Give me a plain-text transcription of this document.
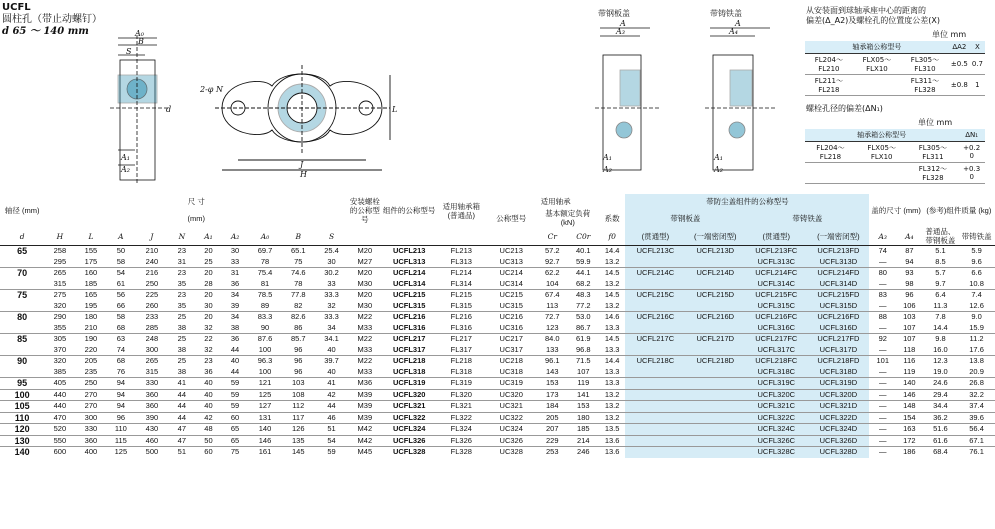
UCFL
圆柱孔（带止动螺钉）
d 65 ～ 140 mm	A₀
B
S
A₁
A₂
d
2-φ N
J
H
L
带钢板盖
A
A₃
A₁
A₂
带铸铁盖
A
A₄
A₁
A₂
从安装面到球轴承座中心的距离的
偏差(Δ_A2)及螺栓孔的位置度公差(X)
单位 mm
轴承箱公称型号			ΔA2	X
FL204～ FL210	FLX05～ FLX10	FL305～ FL310	±0.5	0.7
FL211～ FL218		FL311～ FL328	±0.8	1
螺栓孔径的偏差(ΔN₁)
单位 mm
轴承箱公称型号			ΔN₁
FL204～ FL218	FLX05～ FLX10	FL305～ FL311	+0.2 0
		FL312～ FL328	+0.3 0
轴径 (mm)	尺 寸										安装螺栓的公称型号	组件的公称型号	适用轴承箱(普通品)	适用轴承				带防尘盖组件的公称型号				盖的尺寸 (mm)		(参考)组件质量 (kg)	
	(mm)													公称型号	基本额定负荷 (kN)		系数	带钢板盖		带铸铁盖					
d	H	L	A	J	N	A₁	A₂	A₀	B	S					Cr	C0r	f0	(贯通型)	(一端密闭型)	(贯通型)	(一端密闭型)	A₃	A₄	普通品、带钢板盖	带铸铁盖
65	258	155	50	210	23	20	30	69.7	65.1	25.4	M20	UCFL213	FL213	UC213	57.2	40.1	14.4	UCFL213C	UCFL213D	UCFL213FC	UCFL213FD	74	87	5.1	5.9
	295	175	58	240	31	25	33	78	75	30	M27	UCFL313	FL313	UC313	92.7	59.9	13.2			UCFL313C	UCFL313D	—	94	8.5	9.6
70	265	160	54	216	23	20	31	75.4	74.6	30.2	M20	UCFL214	FL214	UC214	62.2	44.1	14.5	UCFL214C	UCFL214D	UCFL214FC	UCFL214FD	80	93	5.7	6.6
	315	185	61	250	35	28	36	81	78	33	M30	UCFL314	FL314	UC314	104	68.2	13.2			UCFL314C	UCFL314D	—	98	9.7	10.8
75	275	165	56	225	23	20	34	78.5	77.8	33.3	M20	UCFL215	FL215	UC215	67.4	48.3	14.5	UCFL215C	UCFL215D	UCFL215FC	UCFL215FD	83	96	6.4	7.4
	320	195	66	260	35	30	39	89	82	32	M30	UCFL315	FL315	UC315	113	77.2	13.2			UCFL315C	UCFL315D	—	106	11.3	12.6
80	290	180	58	233	25	20	34	83.3	82.6	33.3	M22	UCFL216	FL216	UC216	72.7	53.0	14.6	UCFL216C	UCFL216D	UCFL216FC	UCFL216FD	88	103	7.8	9.0
	355	210	68	285	38	32	38	90	86	34	M33	UCFL316	FL316	UC316	123	86.7	13.3			UCFL316C	UCFL316D	—	107	14.4	15.9
85	305	190	63	248	25	22	36	87.6	85.7	34.1	M22	UCFL217	FL217	UC217	84.0	61.9	14.5	UCFL217C	UCFL217D	UCFL217FC	UCFL217FD	92	107	9.8	11.2
	370	220	74	300	38	32	44	100	96	40	M33	UCFL317	FL317	UC317	133	96.8	13.3			UCFL317C	UCFL317D	—	118	16.0	17.6
90	320	205	68	265	25	23	40	96.3	96	39.7	M22	UCFL218	FL218	UC218	96.1	71.5	14.4	UCFL218C	UCFL218D	UCFL218FC	UCFL218FD	101	116	12.3	13.8
	385	235	76	315	38	36	44	100	96	40	M33	UCFL318	FL318	UC318	143	107	13.3			UCFL318C	UCFL318D	—	119	19.0	20.9
95	405	250	94	330	41	40	59	121	103	41	M36	UCFL319	FL319	UC319	153	119	13.3			UCFL319C	UCFL319D	—	140	24.6	26.8
100	440	270	94	360	44	40	59	125	108	42	M39	UCFL320	FL320	UC320	173	141	13.2			UCFL320C	UCFL320D	—	146	29.4	32.2
105	440	270	94	360	44	40	59	127	112	44	M39	UCFL321	FL321	UC321	184	153	13.2			UCFL321C	UCFL321D	—	148	34.4	37.4
110	470	300	96	390	44	42	60	131	117	46	M39	UCFL322	FL322	UC322	205	180	13.2			UCFL322C	UCFL322D	—	154	36.2	39.6
120	520	330	110	430	47	48	65	140	126	51	M42	UCFL324	FL324	UC324	207	185	13.5			UCFL324C	UCFL324D	—	163	51.6	56.4
130	550	360	115	460	47	50	65	146	135	54	M42	UCFL326	FL326	UC326	229	214	13.6			UCFL326C	UCFL326D	—	172	61.6	67.1
140	600	400	125	500	51	60	75	161	145	59	M45	UCFL328	FL328	UC328	253	246	13.6			UCFL328C	UCFL328D	—	186	68.4	76.1
